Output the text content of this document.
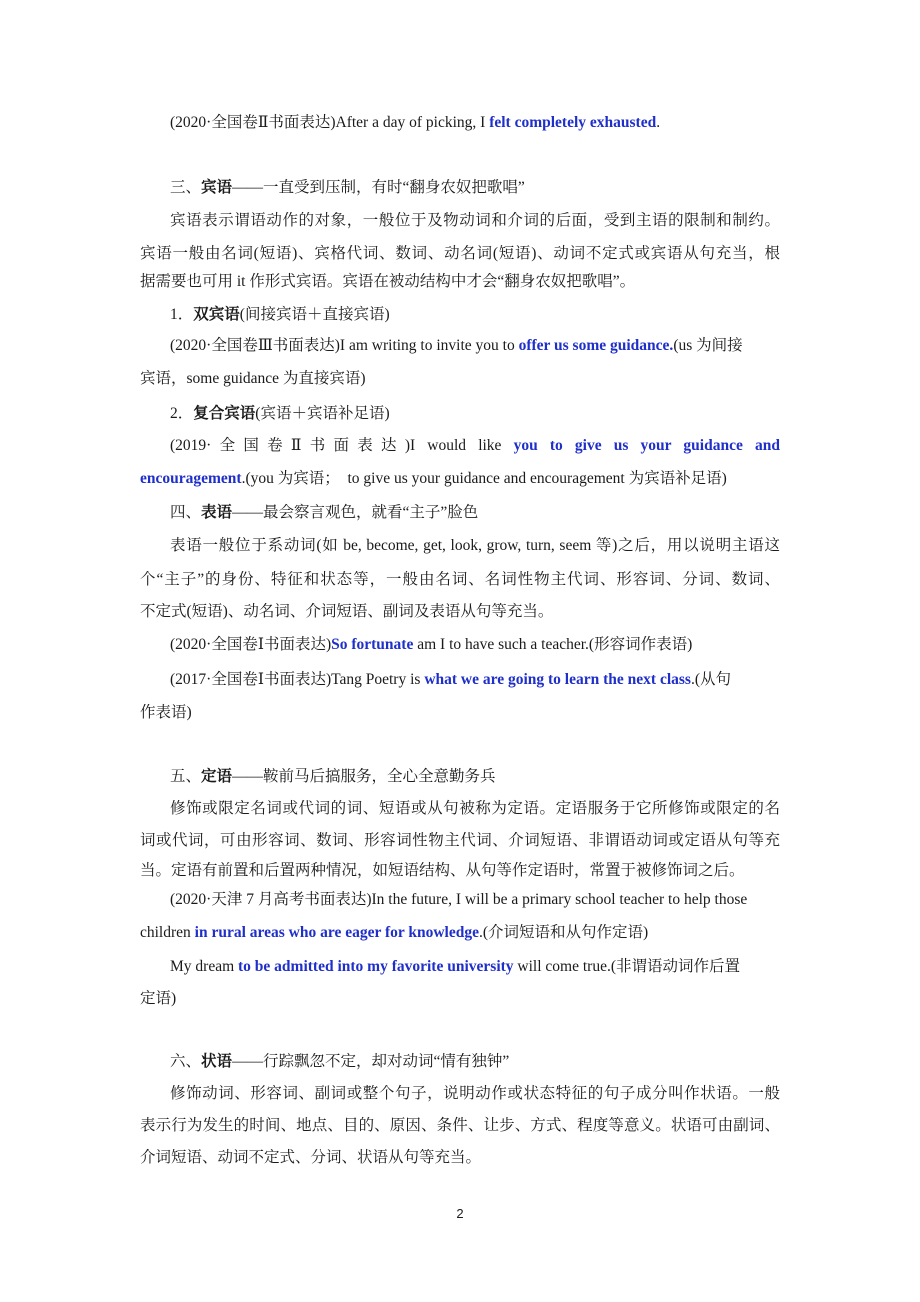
(2020·全国卷Ⅱ书面表达)After a day of picking, I felt completely exhausted.
三、宾语——一直受到压制，有时“翻身农奴把歌唱”
宾语表示谓语动作的对象，一般位于及物动词和介词的后面，受到主语的限制和制约。
宾语一般由名词(短语)、宾格代词、数词、动名词(短语)、动词不定式或宾语从句充当，根
据需要也可用 it 作形式宾语。宾语在被动结构中才会“翻身农奴把歌唱”。
1．双宾语(间接宾语＋直接宾语)
(2020·全国卷Ⅲ书面表达)I am writing to invite you to offer us some guidance.(us 为间接
宾语，some guidance 为直接宾语)
2．复合宾语(宾语＋宾语补足语)
(2019·全国卷Ⅱ书面表达)I would like you to give us your guidance and
encouragement.(you 为宾语；　to give us your guidance and encouragement 为宾语补足语)
四、表语——最会察言观色，就看“主子”脸色
表语一般位于系动词(如 be, become, get, look, grow, turn, seem 等)之后，用以说明主语这
个“主子”的身份、特征和状态等，一般由名词、名词性物主代词、形容词、分词、数词、
不定式(短语)、动名词、介词短语、副词及表语从句等充当。
(2020·全国卷Ⅰ书面表达)So fortunate am I to have such a teacher.(形容词作表语)
(2017·全国卷Ⅰ书面表达)Tang Poetry is what we are going to learn the next class.(从句
作表语)
五、定语——鞍前马后搞服务，全心全意勤务兵
修饰或限定名词或代词的词、短语或从句被称为定语。定语服务于它所修饰或限定的名
词或代词，可由形容词、数词、形容词性物主代词、介词短语、非谓语动词或定语从句等充
当。定语有前置和后置两种情况，如短语结构、从句等作定语时，常置于被修饰词之后。
(2020·天津 7 月高考书面表达)In the future, I will be a primary school teacher to help those
children in rural areas who are eager for knowledge.(介词短语和从句作定语)
My dream to be admitted into my favorite university will come true.(非谓语动词作后置
定语)
六、状语——行踪飘忽不定，却对动词“情有独钟”
修饰动词、形容词、副词或整个句子，说明动作或状态特征的句子成分叫作状语。一般
表示行为发生的时间、地点、目的、原因、条件、让步、方式、程度等意义。状语可由副词、
介词短语、动词不定式、分词、状语从句等充当。
2
